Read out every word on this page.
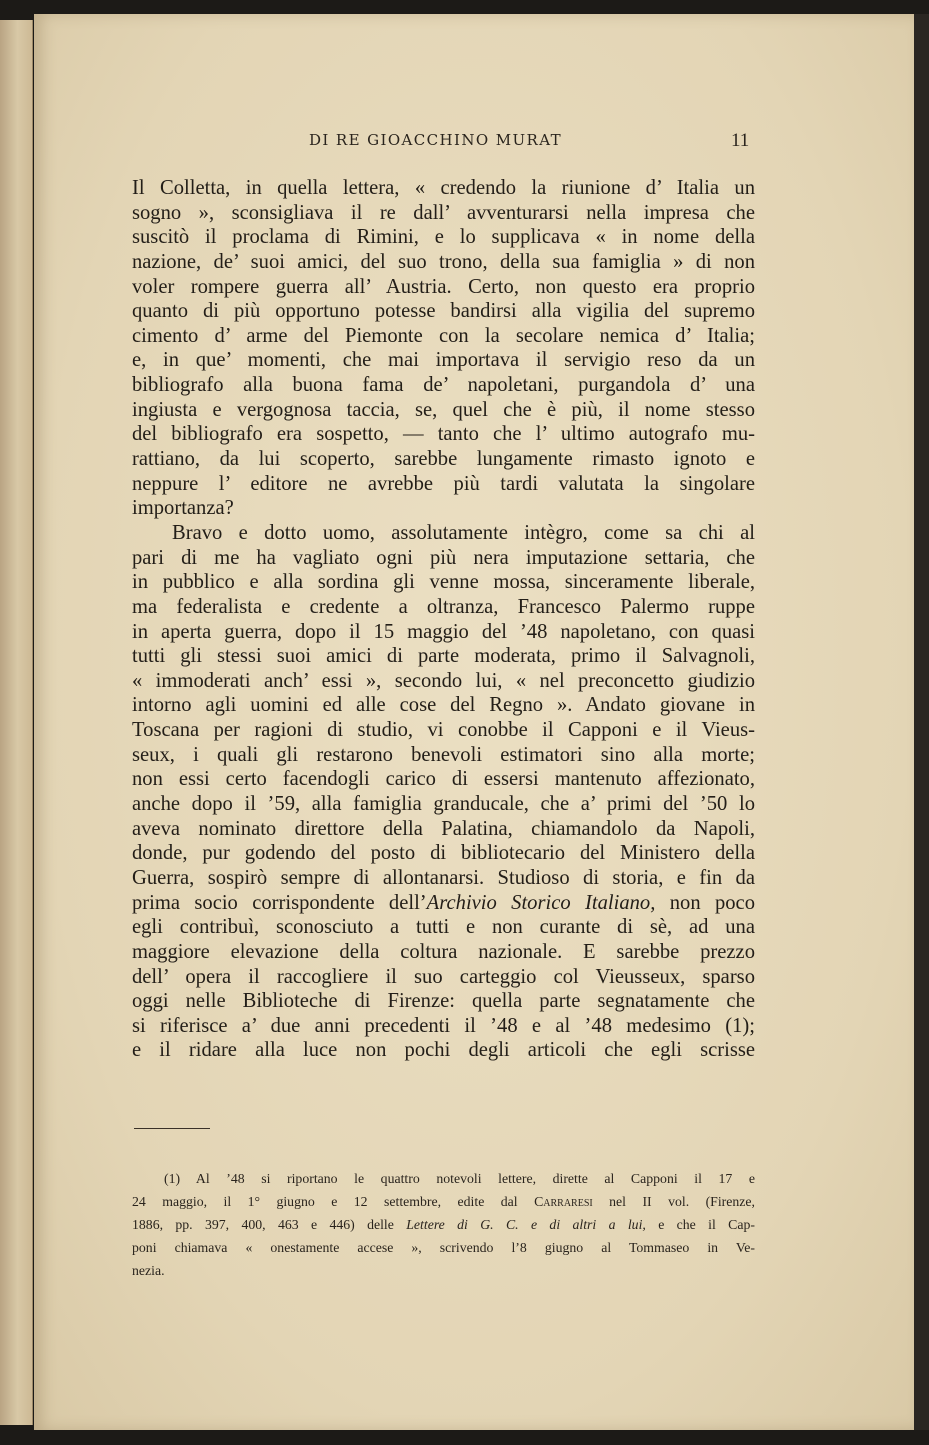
DI RE GIOACCHINO MURAT	11
Il Colletta, in quella lettera, « credendo la riunione d’ Italia un
sogno », sconsigliava il re dall’ avventurarsi nella impresa che
suscitò il proclama di Rimini, e lo supplicava « in nome della
nazione, de’ suoi amici, del suo trono, della sua famiglia » di non
voler rompere guerra all’ Austria. Certo, non questo era proprio
quanto di più opportuno potesse bandirsi alla vigilia del supremo
cimento d’ arme del Piemonte con la secolare nemica d’ Italia;
e, in que’ momenti, che mai importava il servigio reso da un
bibliografo alla buona fama de’ napoletani, purgandola d’ una
ingiusta e vergognosa taccia, se, quel che è più, il nome stesso
del bibliografo era sospetto, — tanto che l’ ultimo autografo mu-
rattiano, da lui scoperto, sarebbe lungamente rimasto ignoto e
neppure l’ editore ne avrebbe più tardi valutata la singolare
importanza?
Bravo e dotto uomo, assolutamente intègro, come sa chi al
pari di me ha vagliato ogni più nera imputazione settaria, che
in pubblico e alla sordina gli venne mossa, sinceramente liberale,
ma federalista e credente a oltranza, Francesco Palermo ruppe
in aperta guerra, dopo il 15 maggio del ’48 napoletano, con quasi
tutti gli stessi suoi amici di parte moderata, primo il Salvagnoli,
« immoderati anch’ essi », secondo lui, « nel preconcetto giudizio
intorno agli uomini ed alle cose del Regno ». Andato giovane in
Toscana per ragioni di studio, vi conobbe il Capponi e il Vieus-
seux, i quali gli restarono benevoli estimatori sino alla morte;
non essi certo facendogli carico di essersi mantenuto affezionato,
anche dopo il ’59, alla famiglia granducale, che a’ primi del ’50 lo
aveva nominato direttore della Palatina, chiamandolo da Napoli,
donde, pur godendo del posto di bibliotecario del Ministero della
Guerra, sospirò sempre di allontanarsi. Studioso di storia, e fin da
prima socio corrispondente dell’Archivio Storico Italiano, non poco
egli contribuì, sconosciuto a tutti e non curante di sè, ad una
maggiore elevazione della coltura nazionale. E sarebbe prezzo
dell’ opera il raccogliere il suo carteggio col Vieusseux, sparso
oggi nelle Biblioteche di Firenze: quella parte segnatamente che
si riferisce a’ due anni precedenti il ’48 e al ’48 medesimo (1);
e il ridare alla luce non pochi degli articoli che egli scrisse
(1) Al ’48 si riportano le quattro notevoli lettere, dirette al Capponi il 17 e
24 maggio, il 1° giugno e 12 settembre, edite dal Carraresi nel II vol. (Firenze,
1886, pp. 397, 400, 463 e 446) delle Lettere di G. C. e di altri a lui, e che il Cap-
poni chiamava « onestamente accese », scrivendo l’8 giugno al Tommaseo in Ve-
nezia.
